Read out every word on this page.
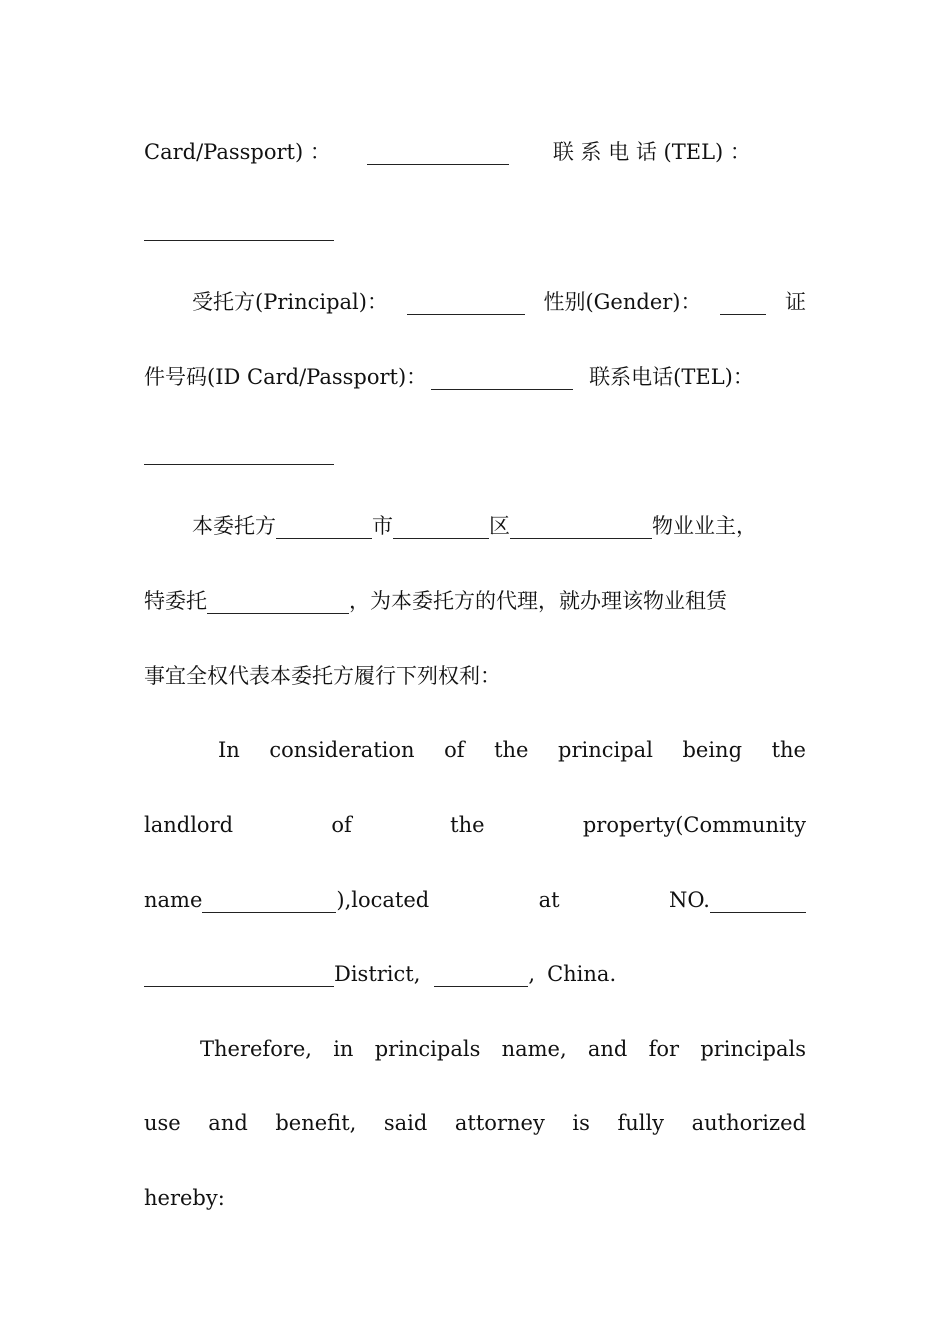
Card/Passport) ：	联 系 电 话 (TEL) ：
受托方(Principal)：	性别(Gender)：	证
件号码(ID Card/Passport)：	联系电话(TEL)：
本委托方	市	区	物业业主，
特委托	，为本委托方的代理，就办理该物业租赁
事宜全权代表本委托方履行下列权利：
In consideration of the principal being the
landlord	of	the	property(Community
name	),located	at	NO.
District,	, China.
Therefore, in principals name, and for principals
use and benefit, said attorney is fully authorized
hereby:
